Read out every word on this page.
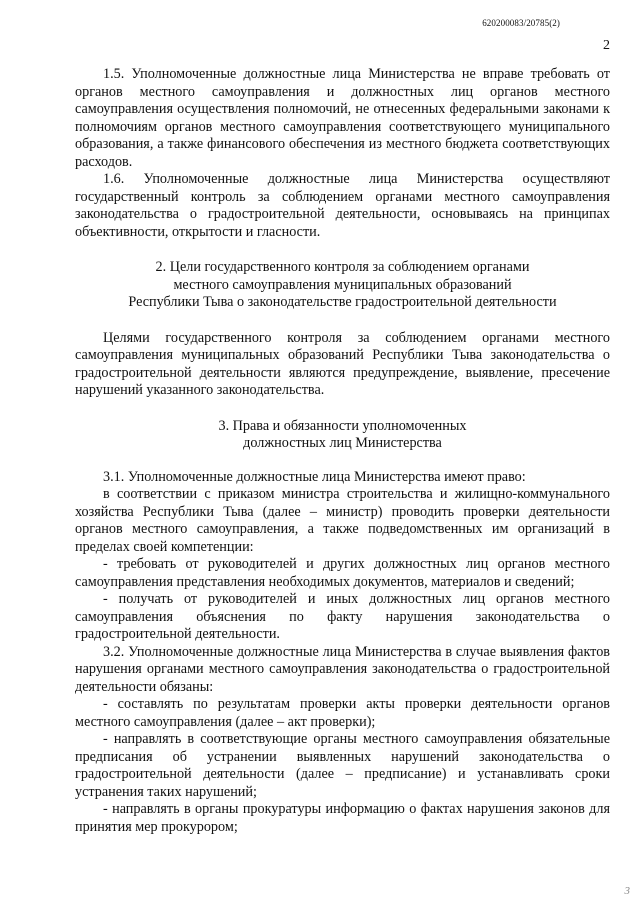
620200083/20785(2)
2

1.5. Уполномоченные должностные лица Министерства не вправе требовать от органов местного самоуправления и должностных лиц органов местного самоуправления осуществления полномочий, не отнесенных федеральными законами к полномочиям органов местного самоуправления соответствующего муниципального образования, а также финансового обеспечения из местного бюджета соответствующих расходов.

1.6. Уполномоченные должностные лица Министерства осуществляют государственный контроль за соблюдением органами местного самоуправления законодательства о градостроительной деятельности, основываясь на принципах объективности, открытости и гласности.

2. Цели государственного контроля за соблюдением органами

местного самоуправления муниципальных образований

Республики Тыва о законодательстве градостроительной деятельности

Целями государственного контроля за соблюдением органами местного самоуправления муниципальных образований Республики Тыва законодательства о градостроительной деятельности являются предупреждение, выявление, пресечение нарушений указанного законодательства.

3. Права и обязанности уполномоченных

должностных лиц Министерства

3.1. Уполномоченные должностные лица Министерства имеют право:

в соответствии с приказом министра строительства и жилищно-коммунального хозяйства Республики Тыва (далее – министр) проводить проверки деятельности органов местного самоуправления, а также подведомственных им организаций в пределах своей компетенции:

- требовать от руководителей и других должностных лиц органов местного самоуправления представления необходимых документов, материалов и сведений;

- получать от руководителей и иных должностных лиц органов местного самоуправления объяснения по факту нарушения законодательства о градостроительной деятельности.

3.2. Уполномоченные должностные лица Министерства в случае выявления фактов нарушения органами местного самоуправления законодательства о градостроительной деятельности обязаны:

- составлять по результатам проверки акты проверки деятельности органов местного самоуправления (далее – акт проверки);

- направлять в соответствующие органы местного самоуправления обязательные предписания об устранении выявленных нарушений законодательства о градостроительной деятельности (далее – предписание) и устанавливать сроки устранения таких нарушений;

- направлять в органы прокуратуры информацию о фактах нарушения законов для принятия мер прокурором;

3
